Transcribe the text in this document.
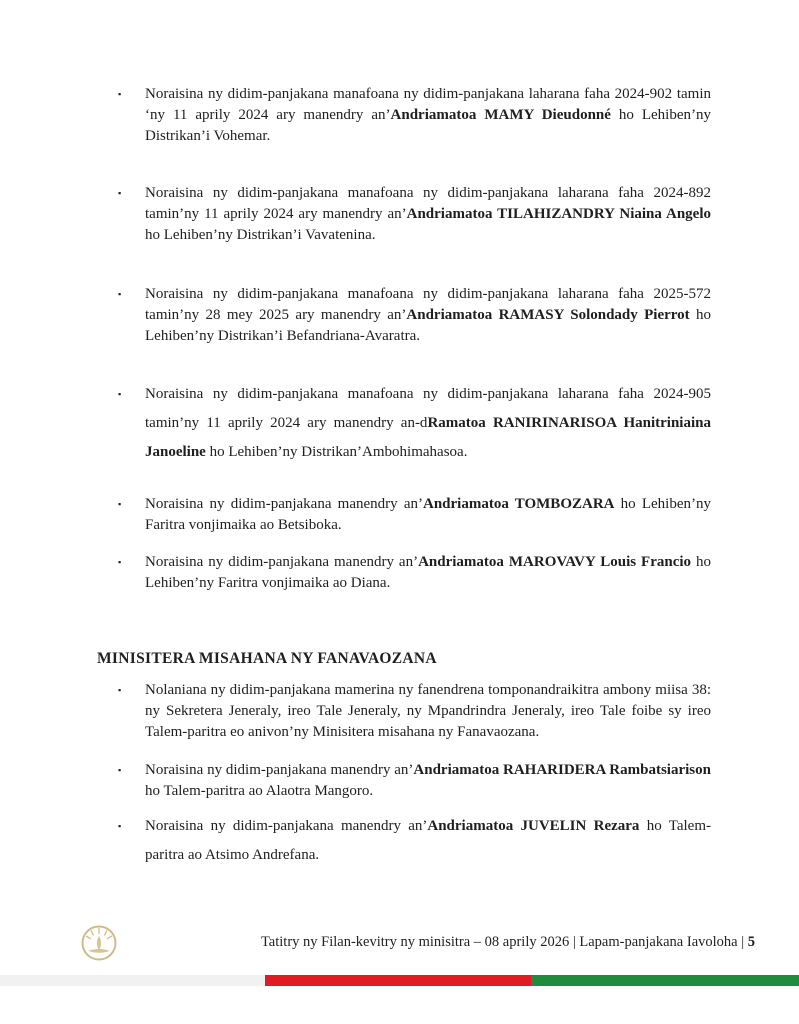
▪	Noraisina ny didim-panjakana manafoana ny didim-panjakana laharana faha 2024-902 tamin ‘ny 11 aprily 2024 ary manendry an’Andriamatoa MAMY Dieudonné ho Lehiben’ny Distrikan’i Vohemar.
▪	Noraisina ny didim-panjakana manafoana ny didim-panjakana laharana faha 2024-892 tamin’ny 11 aprily 2024 ary manendry an’Andriamatoa TILAHIZANDRY Niaina Angelo ho Lehiben’ny Distrikan’i Vavatenina.
▪	Noraisina ny didim-panjakana manafoana ny didim-panjakana laharana faha 2025-572 tamin’ny 28 mey 2025 ary manendry an’Andriamatoa RAMASY Solondady Pierrot ho Lehiben’ny Distrikan’i Befandriana-Avaratra.
▪	Noraisina ny didim-panjakana manafoana ny didim-panjakana laharana faha 2024-905 tamin’ny 11 aprily 2024 ary manendry an-dRamatoa RANIRINARISOA Hanitriniaina Janoeline ho Lehiben’ny Distrikan’Ambohimahasoa.
▪	Noraisina ny didim-panjakana manendry an’Andriamatoa TOMBOZARA ho Lehiben’ny Faritra vonjimaika ao Betsiboka.
▪	Noraisina ny didim-panjakana manendry an’Andriamatoa MAROVAVY Louis Francio ho Lehiben’ny Faritra vonjimaika ao Diana.
MINISITERA MISAHANA NY FANAVAOZANA
▪	Nolaniana ny didim-panjakana mamerina ny fanendrena tomponandraikitra ambony miisa 38: ny Sekretera Jeneraly, ireo Tale Jeneraly, ny Mpandrindra Jeneraly, ireo Tale foibe sy ireo Talem-paritra eo anivon’ny Minisitera misahana ny Fanavaozana.
▪	Noraisina ny didim-panjakana manendry an’Andriamatoa RAHARIDERA Rambatsiarison ho Talem-paritra ao Alaotra Mangoro.
▪	Noraisina ny didim-panjakana manendry an’Andriamatoa JUVELIN Rezara ho Talem-paritra ao Atsimo Andrefana.
Tatitry ny Filan-kevitry ny minisitra – 08 aprily 2026 | Lapam-panjakana Iavoloha | 5
